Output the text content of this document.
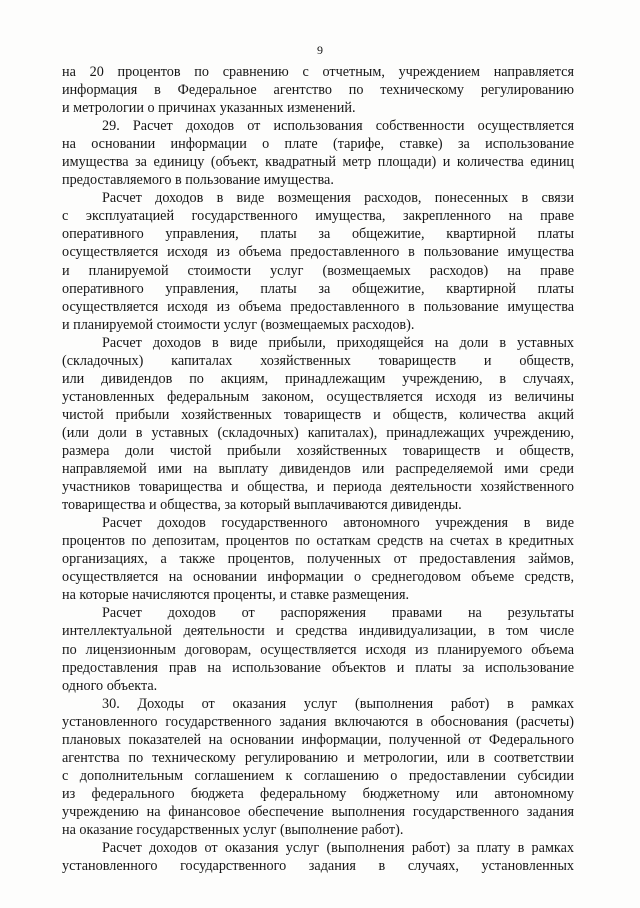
9

на 20 процентов по сравнению с отчетным, учреждением направляется
информация в Федеральное агентство по техническому регулированию
и метрологии о причинах указанных изменений.

29. Расчет доходов от использования собственности осуществляется
на основании информации о плате (тарифе, ставке) за использование
имущества за единицу (объект, квадратный метр площади) и количества единиц
предоставляемого в пользование имущества.

Расчет доходов в виде возмещения расходов, понесенных в связи
с эксплуатацией государственного имущества, закрепленного на праве
оперативного управления, платы за общежитие, квартирной платы
осуществляется исходя из объема предоставленного в пользование имущества
и планируемой стоимости услуг (возмещаемых расходов) на праве
оперативного управления, платы за общежитие, квартирной платы
осуществляется исходя из объема предоставленного в пользование имущества
и планируемой стоимости услуг (возмещаемых расходов).

Расчет доходов в виде прибыли, приходящейся на доли в уставных
(складочных) капиталах хозяйственных товариществ и обществ,
или дивидендов по акциям, принадлежащим учреждению, в случаях,
установленных федеральным законом, осуществляется исходя из величины
чистой прибыли хозяйственных товариществ и обществ, количества акций
(или доли в уставных (складочных) капиталах), принадлежащих учреждению,
размера доли чистой прибыли хозяйственных товариществ и обществ,
направляемой ими на выплату дивидендов или распределяемой ими среди
участников товарищества и общества, и периода деятельности хозяйственного
товарищества и общества, за который выплачиваются дивиденды.

Расчет доходов государственного автономного учреждения в виде
процентов по депозитам, процентов по остаткам средств на счетах в кредитных
организациях, а также процентов, полученных от предоставления займов,
осуществляется на основании информации о среднегодовом объеме средств,
на которые начисляются проценты, и ставке размещения.

Расчет доходов от распоряжения правами на результаты
интеллектуальной деятельности и средства индивидуализации, в том числе
по лицензионным договорам, осуществляется исходя из планируемого объема
предоставления прав на использование объектов и платы за использование
одного объекта.

30. Доходы от оказания услуг (выполнения работ) в рамках
установленного государственного задания включаются в обоснования (расчеты)
плановых показателей на основании информации, полученной от Федерального
агентства по техническому регулированию и метрологии, или в соответствии
с дополнительным соглашением к соглашению о предоставлении субсидии
из федерального бюджета федеральному бюджетному или автономному
учреждению на финансовое обеспечение выполнения государственного задания
на оказание государственных услуг (выполнение работ).

Расчет доходов от оказания услуг (выполнения работ) за плату в рамках
установленного государственного задания в случаях, установленных
